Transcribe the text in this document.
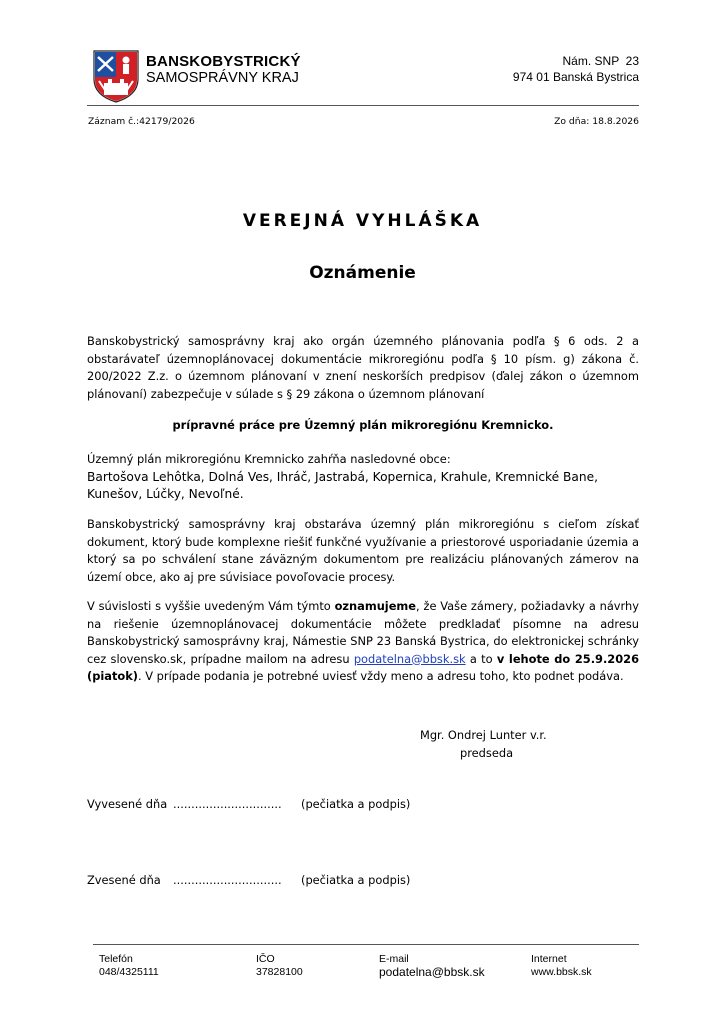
BANSKOBYSTRICKÝ
SAMOSPRÁVNY KRAJ
Nám. SNP  23
974 01 Banská Bystrica
Záznam č.:42179/2026	Zo dňa: 18.8.2026
VEREJNÁ VYHLÁŠKA
Oznámenie
Banskobystrický samosprávny kraj ako orgán územného plánovania podľa § 6 ods. 2 a obstarávateľ územnoplánovacej dokumentácie mikroregiónu podľa § 10 písm. g) zákona č. 200/2022 Z.z. o územnom plánovaní v znení neskorších predpisov (ďalej zákon o územnom plánovaní) zabezpečuje v súlade s § 29 zákona o územnom plánovaní
prípravné práce pre Územný plán mikroregiónu Kremnicko.
Územný plán mikroregiónu Kremnicko zahŕňa nasledovné obce:
Bartošova Lehôtka, Dolná Ves, Ihráč, Jastrabá, Kopernica, Krahule, Kremnické Bane, Kunešov, Lúčky, Nevoľné.
Banskobystrický samosprávny kraj obstaráva územný plán mikroregiónu s cieľom získať dokument, ktorý bude komplexne riešiť funkčné využívanie a priestorové usporiadanie územia a ktorý sa po schválení stane záväzným dokumentom pre realizáciu plánovaných zámerov na území obce, ako aj pre súvisiace povoľovacie procesy.
V súvislosti s vyššie uvedeným Vám týmto oznamujeme, že Vaše zámery, požiadavky a návrhy na riešenie územnoplánovacej dokumentácie môžete predkladať písomne na adresu Banskobystrický samosprávny kraj, Námestie SNP 23 Banská Bystrica, do elektronickej schránky cez slovensko.sk, prípadne mailom na adresu podatelna@bbsk.sk a to v lehote do 25.9.2026 (piatok). V prípade podania je potrebné uviesť vždy meno a adresu toho, kto podnet podáva.
Mgr. Ondrej Lunter v.r.
predseda
Vyvesené dňa .............................. (pečiatka a podpis)
Zvesené dňa .............................. (pečiatka a podpis)
Telefón
048/4325111
IČO
37828100
E-mail
podatelna@bbsk.sk
Internet
www.bbsk.sk
